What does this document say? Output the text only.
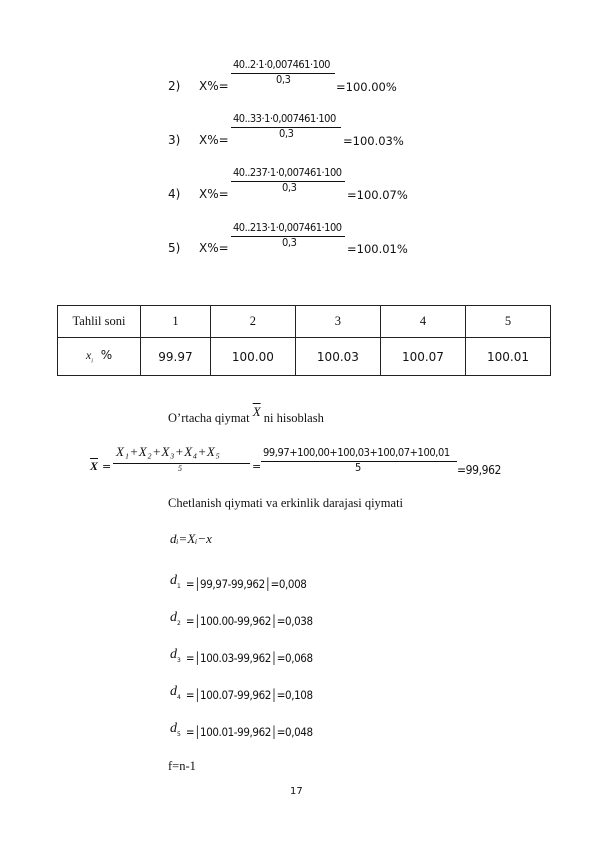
40..2·1·0,007461·100
0,3
2) X%=	=100.00%
40..33·1·0,007461·100
0,3
3) X%=	=100.03%
40..237·1·0,007461·100
0,3
4) X%=	=100.07%
40..213·1·0,007461·100
0,3
5) X%=	=100.01%
Tahlil soni	1	2	3	4	5
$x_i$ %	99.97	100.00	100.03	100.07	100.01
O’rtacha qiymat $\overline{X}$ ni hisoblash
$\overline{X}$ =
X₁+X₂+X₃+X₄+X₅
5	=
99,97+100,00+100,03+100,07+100,01
5	=99,962
Chetlanish qiymati va erkinlik darajasi qiymati
dᵢ=Xᵢ−x
$d_1$ $_{=│99,97-99,962│=0,008}$
$d_2$ $_{=│100.00-99,962│=0,038}$
$d_3$ $_{=│100.03-99,962│=0,068}$
$d_4$ $_{=│100.07-99,962│=0,108}$
$d_5$ $_{=│100.01-99,962│=0,048}$
f=n-1
17
